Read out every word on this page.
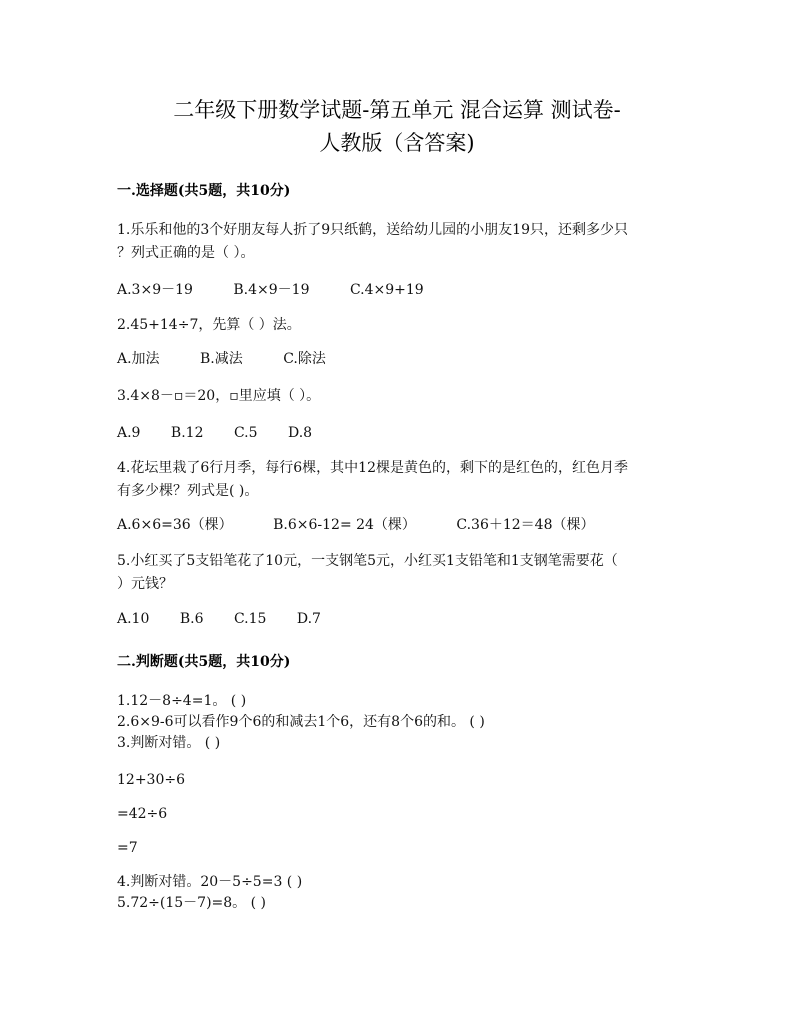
二年级下册数学试题-第五单元 混合运算 测试卷-
人教版（含答案)
一.选择题(共5题，共10分)
1.乐乐和他的3个好朋友每人折了9只纸鹤，送给幼儿园的小朋友19只，还剩多少只
？列式正确的是（ ）。
A.3×9－19	B.4×9－19	C.4×9+19
2.45+14÷7，先算（ ）法。
A.加法	B.减法	C.除法
3.4×8－▫＝20，▫里应填（ ）。
A.9 B.12 C.5 D.8
4.花坛里栽了6行月季，每行6棵，其中12棵是黄色的，剩下的是红色的，红色月季
有多少棵？列式是( )。
A.6×6=36（棵）	B.6×6-12= 24（棵）	C.36＋12＝48（棵）
5.小红买了5支铅笔花了10元，一支钢笔5元，小红买1支铅笔和1支钢笔需要花（
）元钱？
A.10 B.6 C.15 D.7
二.判断题(共5题，共10分)
1.12－8÷4=1。 ( )
2.6×9-6可以看作9个6的和减去1个6，还有8个6的和。 ( )
3.判断对错。 ( )
12+30÷6
=42÷6
=7
4.判断对错。20－5÷5=3 ( )
5.72÷(15－7)=8。 ( )
